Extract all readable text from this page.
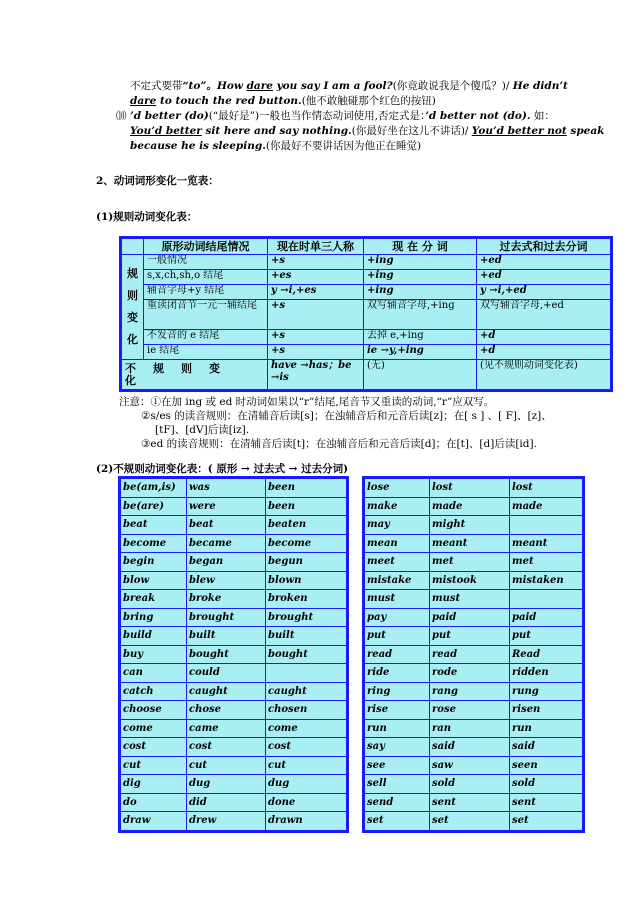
不定式要带“to”。How dare you say I am a fool?(你竟敢说我是个傻瓜？)/ He didn’t
dare to touch the red button.(他不敢触碰那个红色的按钮)
⑽ ’d better (do)(“最好是”)一般也当作情态动词使用,否定式是：’d better not (do). 如：
You’d better sit here and say nothing.(你最好坐在这儿不讲话)/ You’d better not speak
because he is sleeping.(你最好不要讲话因为他正在睡觉)
2、动词词形变化一览表：
(1)规则动词变化表：
	原形动词结尾情况	现在时单三人称	现 在 分 词	过去式和过去分词
规
则
变
化	一般情况	+s	+ing	+ed
	s,x,ch,sh,o 结尾	+es	+ing	+ed
	辅音字母+y 结尾	y →i,+es	+ing	y →i,+ed
	重读闭音节一元一辅结尾	+s	双写辅音字母,+ing	双写辅音字母,+ed
	不发音的 e 结尾	+s	去掉 e,+ing	+d
	ie 结尾	+s	ie →y,+ing	+d
不规则变化		have →has；be →is	(无)	(见不规则动词变化表)
注意：①在加 ing 或 ed 时动词如果以“r”结尾,尾音节又重读的动词,“r”应双写。
②s/es 的读音规则：在清辅音后读[s]；在浊辅音后和元音后读[z]；在[ s ] 、[ F]、[z]、
[tF]、[dV]后读[iz].
③ed 的读音规则：在清辅音后读[t]；在浊辅音后和元音后读[d]；在[t]、[d]后读[id].
(2)不规则动词变化表：( 原形 → 过去式 → 过去分词)
be(am,is)	was	been
be(are)	were	been
beat	beat	beaten
become	became	become
begin	began	begun
blow	blew	blown
break	broke	broken
bring	brought	brought
build	built	built
buy	bought	bought
can	could	
catch	caught	caught
choose	chose	chosen
come	came	come
cost	cost	cost
cut	cut	cut
dig	dug	dug
do	did	done
draw	drew	drawn
lose	lost	lost
make	made	made
may	might	
mean	meant	meant
meet	met	met
mistake	mistook	mistaken
must	must	
pay	paid	paid
put	put	put
read	read	Read
ride	rode	ridden
ring	rang	rung
rise	rose	risen
run	ran	run
say	said	said
see	saw	seen
sell	sold	sold
send	sent	sent
set	set	set
